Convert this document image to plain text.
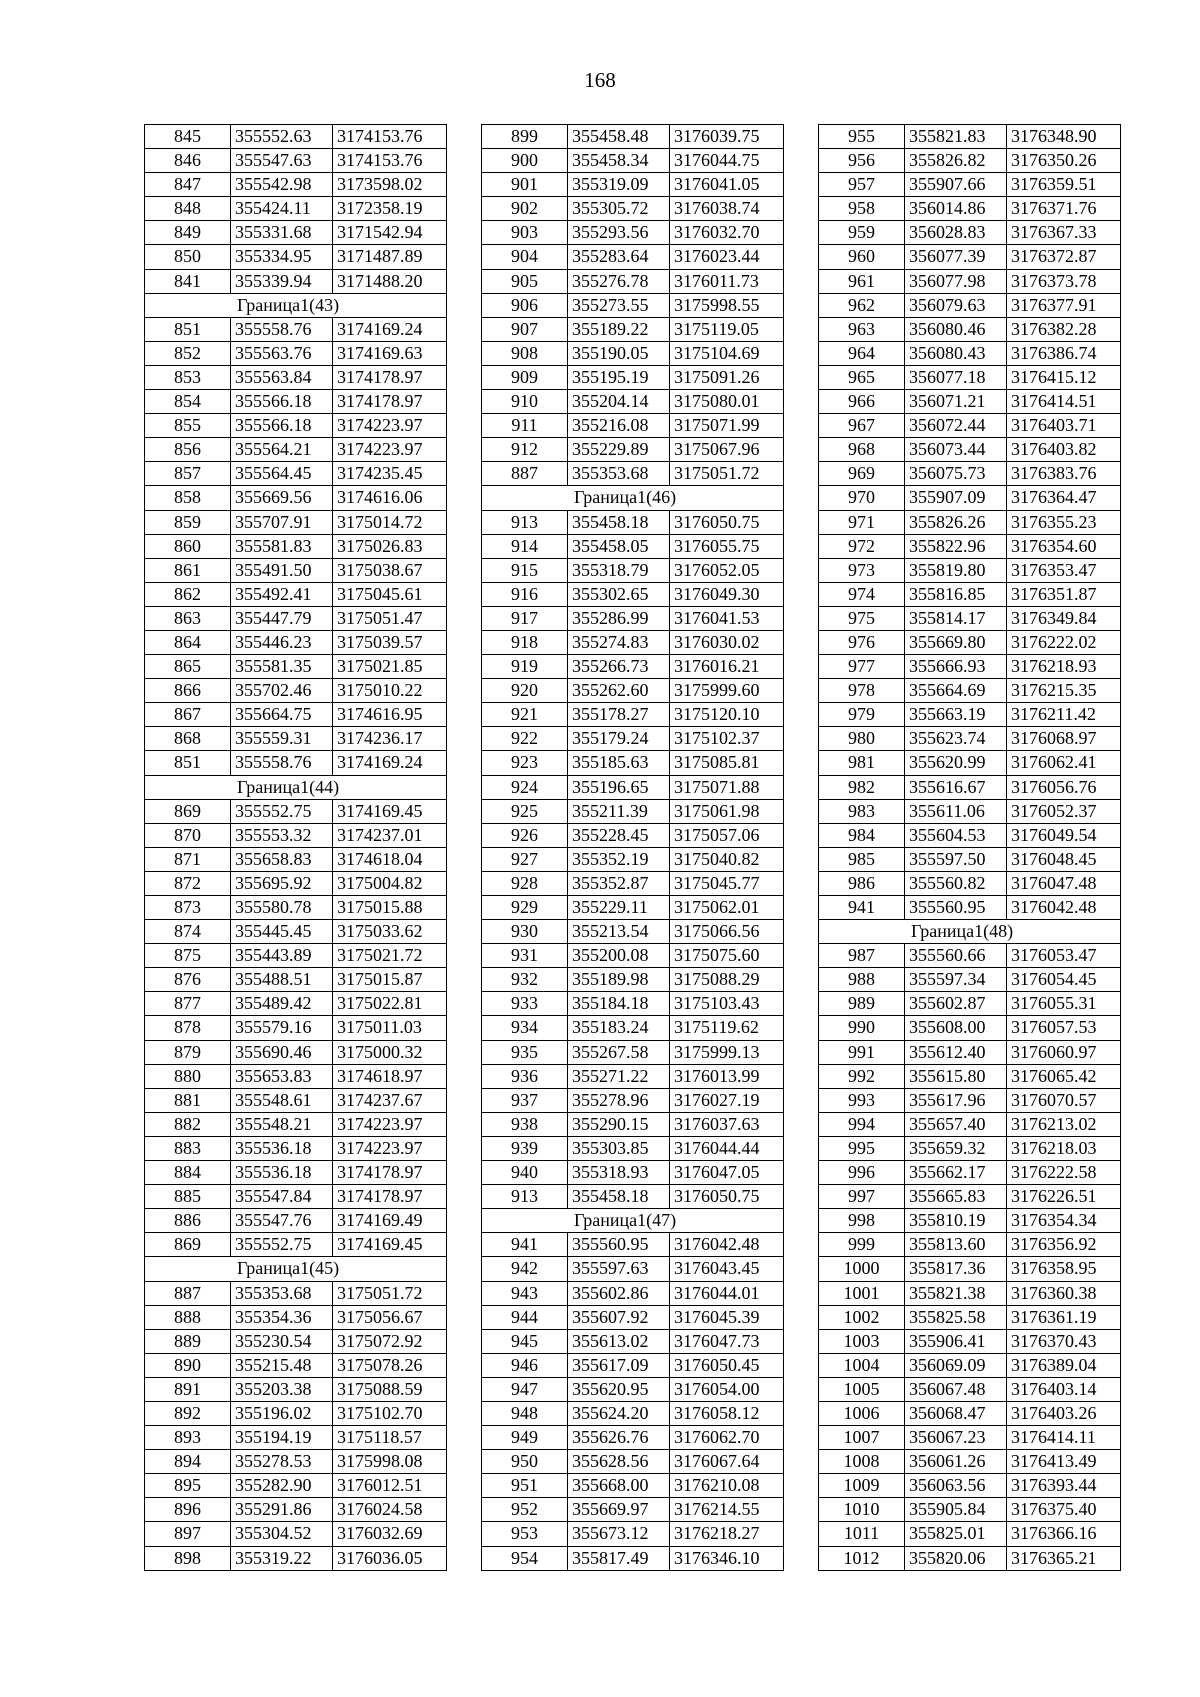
168
845	355552.63	3174153.76
846	355547.63	3174153.76
847	355542.98	3173598.02
848	355424.11	3172358.19
849	355331.68	3171542.94
850	355334.95	3171487.89
841	355339.94	3171488.20
Граница1(43)		
851	355558.76	3174169.24
852	355563.76	3174169.63
853	355563.84	3174178.97
854	355566.18	3174178.97
855	355566.18	3174223.97
856	355564.21	3174223.97
857	355564.45	3174235.45
858	355669.56	3174616.06
859	355707.91	3175014.72
860	355581.83	3175026.83
861	355491.50	3175038.67
862	355492.41	3175045.61
863	355447.79	3175051.47
864	355446.23	3175039.57
865	355581.35	3175021.85
866	355702.46	3175010.22
867	355664.75	3174616.95
868	355559.31	3174236.17
851	355558.76	3174169.24
Граница1(44)		
869	355552.75	3174169.45
870	355553.32	3174237.01
871	355658.83	3174618.04
872	355695.92	3175004.82
873	355580.78	3175015.88
874	355445.45	3175033.62
875	355443.89	3175021.72
876	355488.51	3175015.87
877	355489.42	3175022.81
878	355579.16	3175011.03
879	355690.46	3175000.32
880	355653.83	3174618.97
881	355548.61	3174237.67
882	355548.21	3174223.97
883	355536.18	3174223.97
884	355536.18	3174178.97
885	355547.84	3174178.97
886	355547.76	3174169.49
869	355552.75	3174169.45
Граница1(45)		
887	355353.68	3175051.72
888	355354.36	3175056.67
889	355230.54	3175072.92
890	355215.48	3175078.26
891	355203.38	3175088.59
892	355196.02	3175102.70
893	355194.19	3175118.57
894	355278.53	3175998.08
895	355282.90	3176012.51
896	355291.86	3176024.58
897	355304.52	3176032.69
898	355319.22	3176036.05
899	355458.48	3176039.75
900	355458.34	3176044.75
901	355319.09	3176041.05
902	355305.72	3176038.74
903	355293.56	3176032.70
904	355283.64	3176023.44
905	355276.78	3176011.73
906	355273.55	3175998.55
907	355189.22	3175119.05
908	355190.05	3175104.69
909	355195.19	3175091.26
910	355204.14	3175080.01
911	355216.08	3175071.99
912	355229.89	3175067.96
887	355353.68	3175051.72
Граница1(46)		
913	355458.18	3176050.75
914	355458.05	3176055.75
915	355318.79	3176052.05
916	355302.65	3176049.30
917	355286.99	3176041.53
918	355274.83	3176030.02
919	355266.73	3176016.21
920	355262.60	3175999.60
921	355178.27	3175120.10
922	355179.24	3175102.37
923	355185.63	3175085.81
924	355196.65	3175071.88
925	355211.39	3175061.98
926	355228.45	3175057.06
927	355352.19	3175040.82
928	355352.87	3175045.77
929	355229.11	3175062.01
930	355213.54	3175066.56
931	355200.08	3175075.60
932	355189.98	3175088.29
933	355184.18	3175103.43
934	355183.24	3175119.62
935	355267.58	3175999.13
936	355271.22	3176013.99
937	355278.96	3176027.19
938	355290.15	3176037.63
939	355303.85	3176044.44
940	355318.93	3176047.05
913	355458.18	3176050.75
Граница1(47)		
941	355560.95	3176042.48
942	355597.63	3176043.45
943	355602.86	3176044.01
944	355607.92	3176045.39
945	355613.02	3176047.73
946	355617.09	3176050.45
947	355620.95	3176054.00
948	355624.20	3176058.12
949	355626.76	3176062.70
950	355628.56	3176067.64
951	355668.00	3176210.08
952	355669.97	3176214.55
953	355673.12	3176218.27
954	355817.49	3176346.10
955	355821.83	3176348.90
956	355826.82	3176350.26
957	355907.66	3176359.51
958	356014.86	3176371.76
959	356028.83	3176367.33
960	356077.39	3176372.87
961	356077.98	3176373.78
962	356079.63	3176377.91
963	356080.46	3176382.28
964	356080.43	3176386.74
965	356077.18	3176415.12
966	356071.21	3176414.51
967	356072.44	3176403.71
968	356073.44	3176403.82
969	356075.73	3176383.76
970	355907.09	3176364.47
971	355826.26	3176355.23
972	355822.96	3176354.60
973	355819.80	3176353.47
974	355816.85	3176351.87
975	355814.17	3176349.84
976	355669.80	3176222.02
977	355666.93	3176218.93
978	355664.69	3176215.35
979	355663.19	3176211.42
980	355623.74	3176068.97
981	355620.99	3176062.41
982	355616.67	3176056.76
983	355611.06	3176052.37
984	355604.53	3176049.54
985	355597.50	3176048.45
986	355560.82	3176047.48
941	355560.95	3176042.48
Граница1(48)		
987	355560.66	3176053.47
988	355597.34	3176054.45
989	355602.87	3176055.31
990	355608.00	3176057.53
991	355612.40	3176060.97
992	355615.80	3176065.42
993	355617.96	3176070.57
994	355657.40	3176213.02
995	355659.32	3176218.03
996	355662.17	3176222.58
997	355665.83	3176226.51
998	355810.19	3176354.34
999	355813.60	3176356.92
1000	355817.36	3176358.95
1001	355821.38	3176360.38
1002	355825.58	3176361.19
1003	355906.41	3176370.43
1004	356069.09	3176389.04
1005	356067.48	3176403.14
1006	356068.47	3176403.26
1007	356067.23	3176414.11
1008	356061.26	3176413.49
1009	356063.56	3176393.44
1010	355905.84	3176375.40
1011	355825.01	3176366.16
1012	355820.06	3176365.21
